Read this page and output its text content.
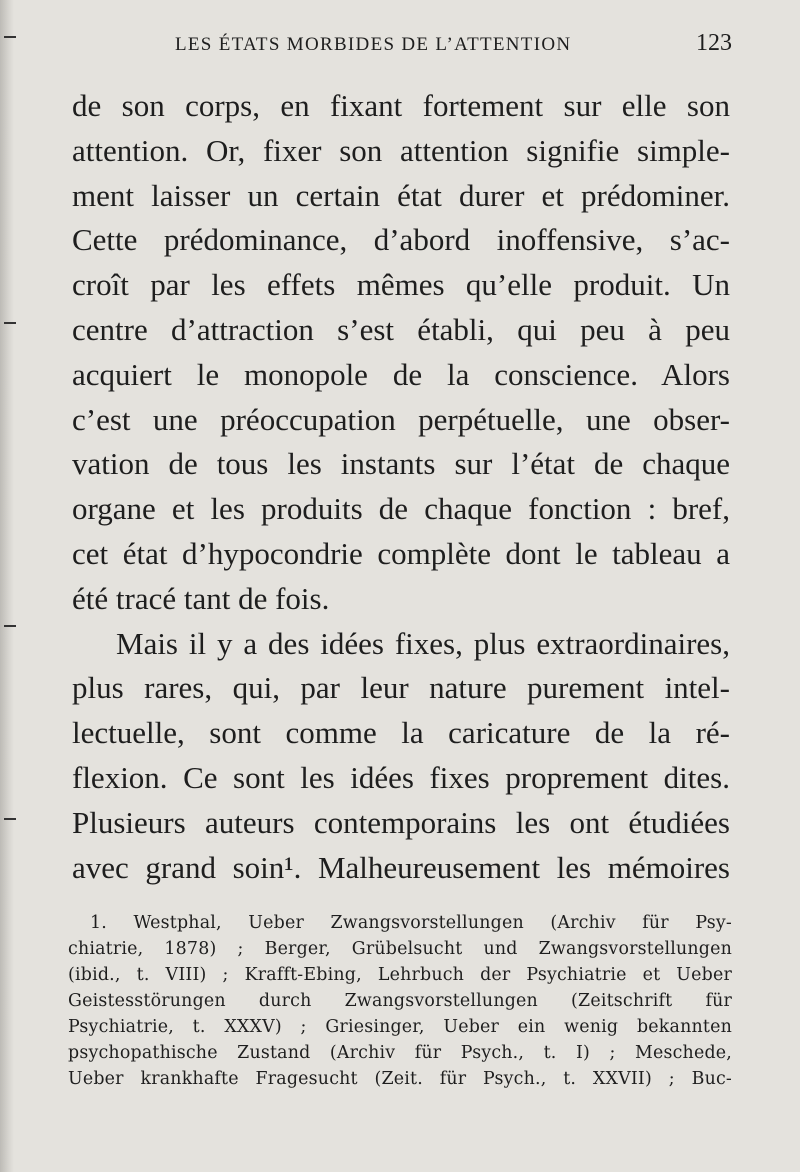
LES ÉTATS MORBIDES DE L’ATTENTION	123
de son corps, en fixant fortement sur elle son
attention. Or, fixer son attention signifie simple-
ment laisser un certain état durer et prédominer.
Cette prédominance, d’abord inoffensive, s’ac-
croît par les effets mêmes qu’elle produit. Un
centre d’attraction s’est établi, qui peu à peu
acquiert le monopole de la conscience. Alors
c’est une préoccupation perpétuelle, une obser-
vation de tous les instants sur l’état de chaque
organe et les produits de chaque fonction : bref,
cet état d’hypocondrie complète dont le tableau a
été tracé tant de fois.
Mais il y a des idées fixes, plus extraordinaires,
plus rares, qui, par leur nature purement intel-
lectuelle, sont comme la caricature de la ré-
flexion. Ce sont les idées fixes proprement dites.
Plusieurs auteurs contemporains les ont étudiées
avec grand soin¹. Malheureusement les mémoires
1. Westphal, Ueber Zwangsvorstellungen (Archiv für Psy-
chiatrie, 1878) ; Berger, Grübelsucht und Zwangsvorstellungen
(ibid., t. VIII) ; Krafft-Ebing, Lehrbuch der Psychiatrie et Ueber
Geistesstörungen durch Zwangsvorstellungen (Zeitschrift für
Psychiatrie, t. XXXV) ; Griesinger, Ueber ein wenig bekannten
psychopathische Zustand (Archiv für Psych., t. I) ; Meschede,
Ueber krankhafte Fragesucht (Zeit. für Psych., t. XXVII) ; Buc-
